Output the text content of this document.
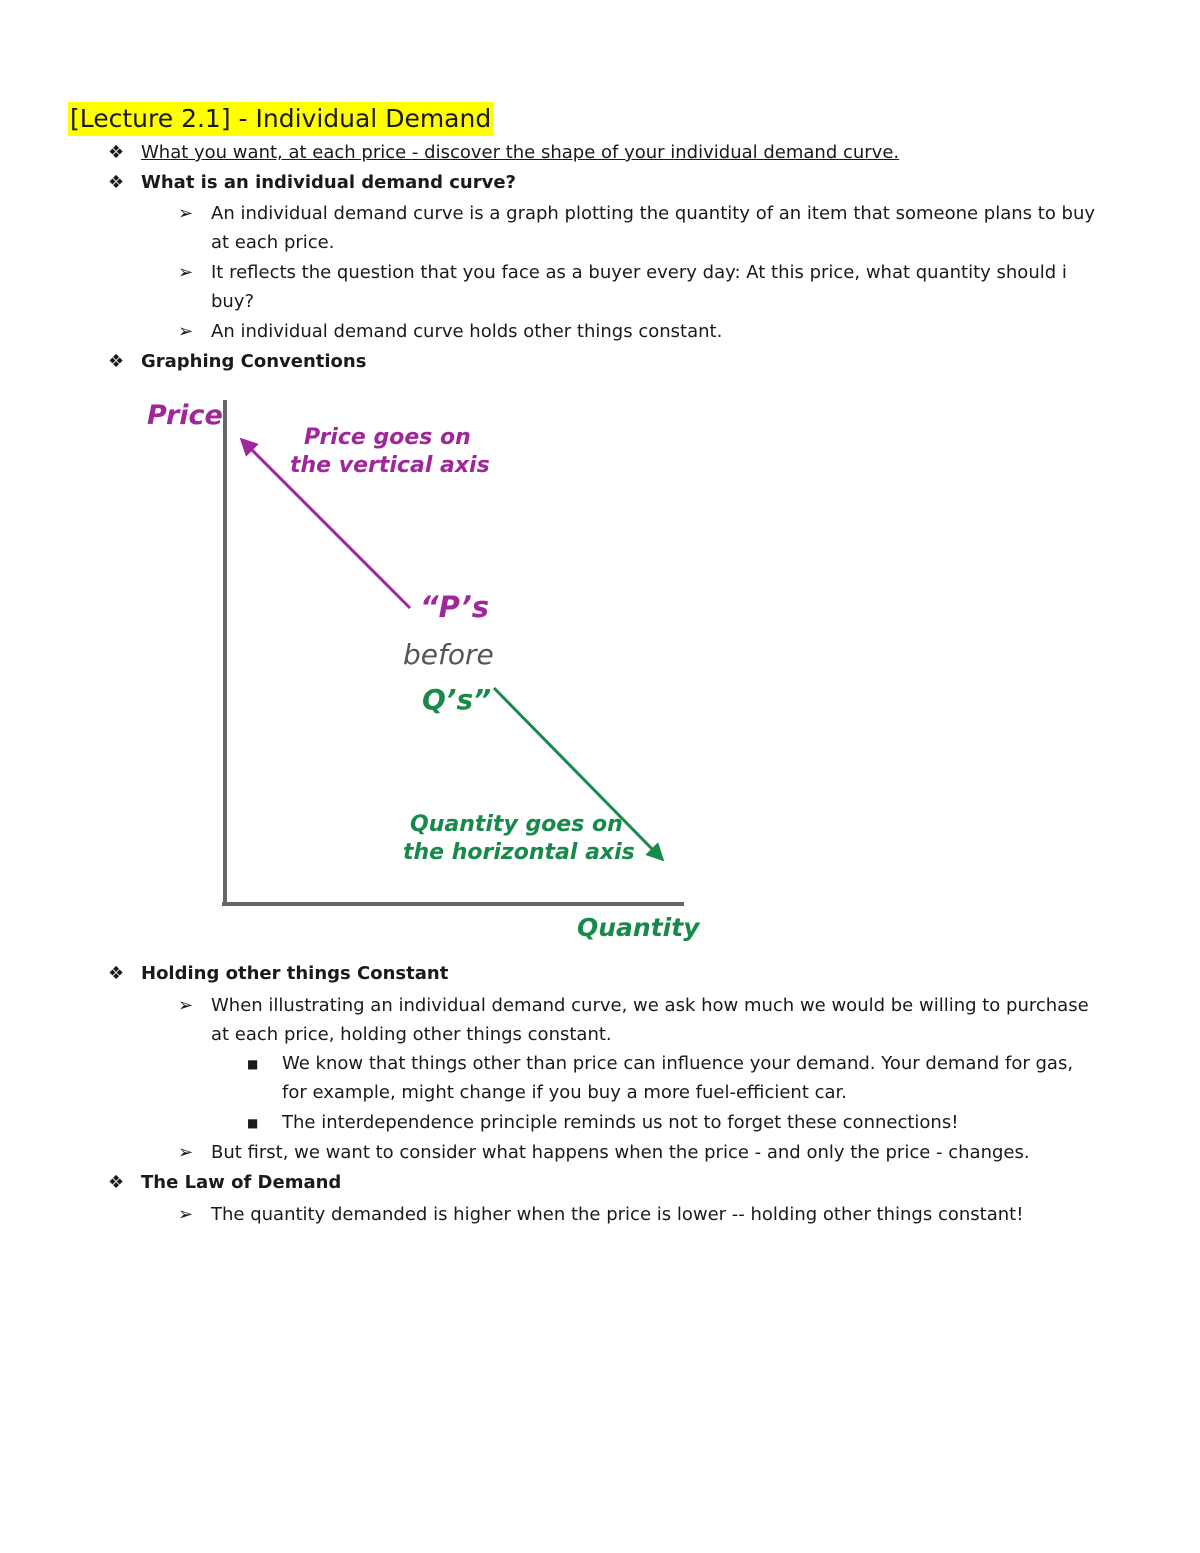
[Lecture 2.1] - Individual Demand
❖ What you want, at each price - discover the shape of your individual demand curve.
❖ What is an individual demand curve?
➢ An individual demand curve is a graph plotting the quantity of an item that someone plans to buy
at each price.
➢ It reflects the question that you face as a buyer every day: At this price, what quantity should i
buy?
➢ An individual demand curve holds other things constant.
❖ Graphing Conventions
Price
Quantity
Price goes on
the vertical axis
“P’s
before
Q’s”
Quantity goes on
the horizontal axis
❖ Holding other things Constant
➢ When illustrating an individual demand curve, we ask how much we would be willing to purchase
at each price, holding other things constant.
■ We know that things other than price can influence your demand. Your demand for gas,
for example, might change if you buy a more fuel-efficient car.
■ The interdependence principle reminds us not to forget these connections!
➢ But first, we want to consider what happens when the price - and only the price - changes.
❖ The Law of Demand
➢ The quantity demanded is higher when the price is lower -- holding other things constant!
